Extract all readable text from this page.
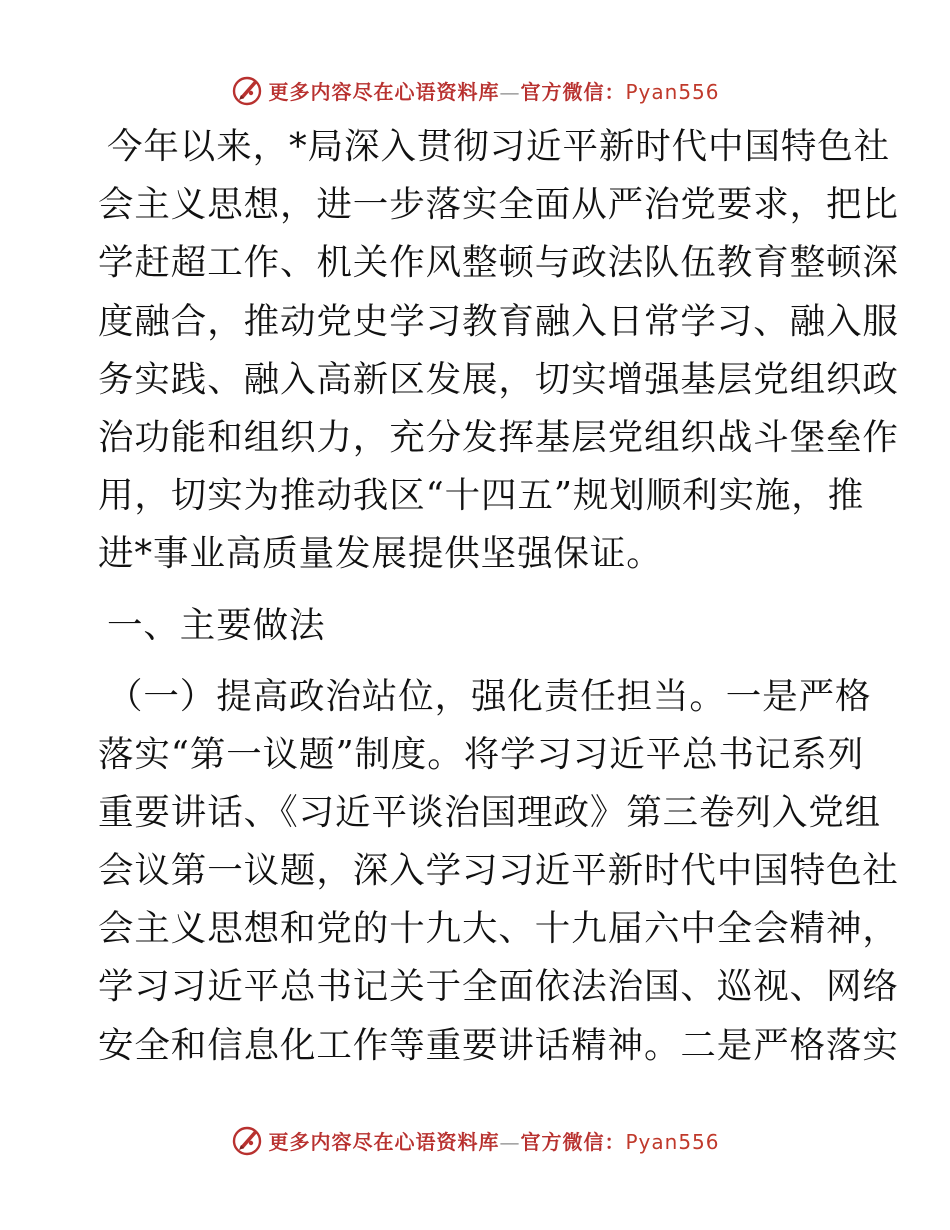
更多内容尽在心语资料库—官方微信：Pyan556
今年以来，*局深入贯彻习近平新时代中国特色社
会主义思想，进一步落实全面从严治党要求，把比
学赶超工作、机关作风整顿与政法队伍教育整顿深
度融合，推动党史学习教育融入日常学习、融入服
务实践、融入高新区发展，切实增强基层党组织政
治功能和组织力，充分发挥基层党组织战斗堡垒作
用，切实为推动我区“十四五”规划顺利实施，推
进*事业高质量发展提供坚强保证。
一、主要做法
（一）提高政治站位，强化责任担当。一是严格
落实“第一议题”制度。将学习习近平总书记系列
重要讲话、《习近平谈治国理政》第三卷列入党组
会议第一议题，深入学习习近平新时代中国特色社
会主义思想和党的十九大、十九届六中全会精神，
学习习近平总书记关于全面依法治国、巡视、网络
安全和信息化工作等重要讲话精神。二是严格落实
更多内容尽在心语资料库—官方微信：Pyan556
